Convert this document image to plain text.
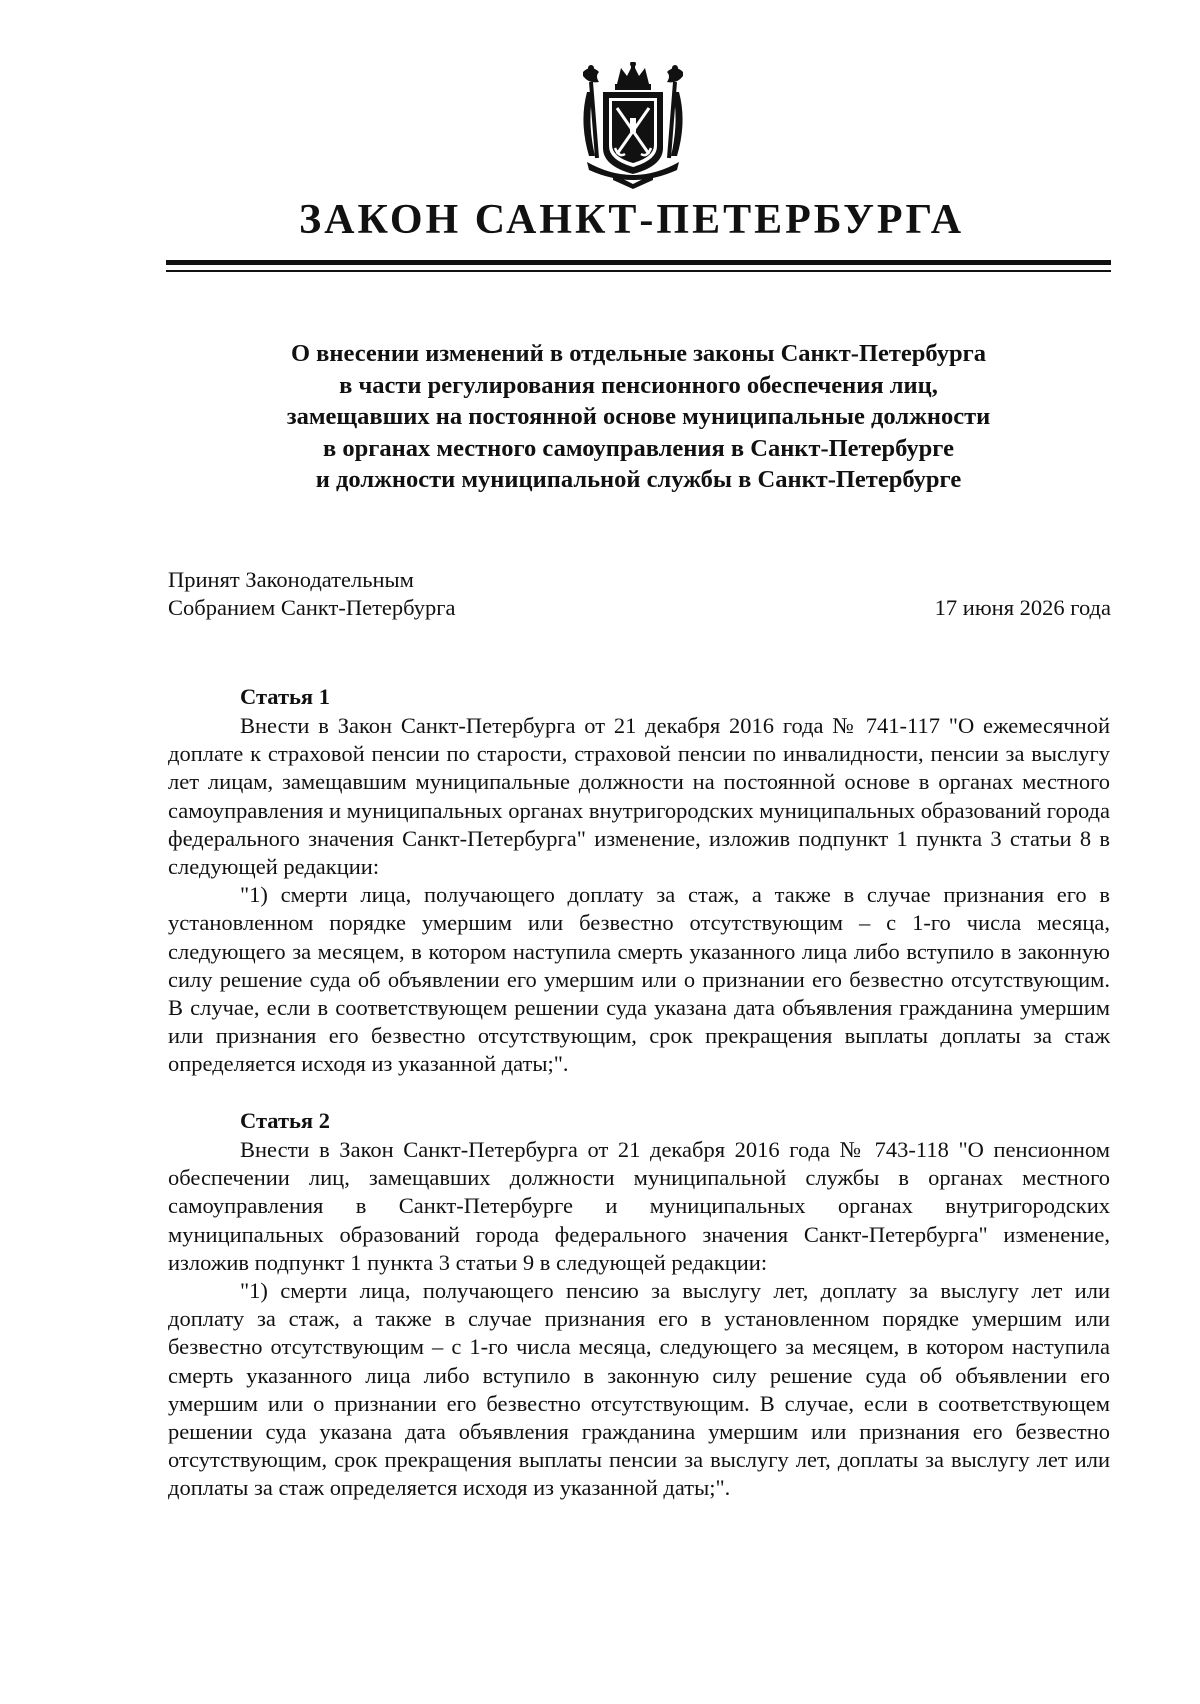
ЗАКОН САНКТ-ПЕТЕРБУРГА
О внесении изменений в отдельные законы Санкт-Петербурга
в части регулирования пенсионного обеспечения лиц,
замещавших на постоянной основе муниципальные должности
в органах местного самоуправления в Санкт-Петербурге
и должности муниципальной службы в Санкт-Петербурге
Принят Законодательным
Собранием Санкт-Петербурга	17 июня 2026 года
Статья 1

Внести в Закон Санкт-Петербурга от 21 декабря 2016 года № 741-117 "О ежемесячной доплате к страховой пенсии по старости, страховой пенсии по инвалидности, пенсии за выслугу лет лицам, замещавшим муниципальные должности на постоянной основе в органах местного самоуправления и муниципальных органах внутригородских муниципальных образований города федерального значения Санкт-Петербурга" изменение, изложив подпункт 1 пункта 3 статьи 8 в следующей редакции:

"1) смерти лица, получающего доплату за стаж, а также в случае признания его в установленном порядке умершим или безвестно отсутствующим – с 1-го числа месяца, следующего за месяцем, в котором наступила смерть указанного лица либо вступило в законную силу решение суда об объявлении его умершим или о признании его безвестно отсутствующим. В случае, если в соответствующем решении суда указана дата объявления гражданина умершим или признания его безвестно отсутствующим, срок прекращения выплаты доплаты за стаж определяется исходя из указанной даты;".

Статья 2

Внести в Закон Санкт-Петербурга от 21 декабря 2016 года № 743-118 "О пенсионном обеспечении лиц, замещавших должности муниципальной службы в органах местного самоуправления в Санкт-Петербурге и муниципальных органах внутригородских муниципальных образований города федерального значения Санкт-Петербурга" изменение, изложив подпункт 1 пункта 3 статьи 9 в следующей редакции:

"1) смерти лица, получающего пенсию за выслугу лет, доплату за выслугу лет или доплату за стаж, а также в случае признания его в установленном порядке умершим или безвестно отсутствующим – с 1-го числа месяца, следующего за месяцем, в котором наступила смерть указанного лица либо вступило в законную силу решение суда об объявлении его умершим или о признании его безвестно отсутствующим. В случае, если в соответствующем решении суда указана дата объявления гражданина умершим или признания его безвестно отсутствующим, срок прекращения выплаты пенсии за выслугу лет, доплаты за выслугу лет или доплаты за стаж определяется исходя из указанной даты;".
